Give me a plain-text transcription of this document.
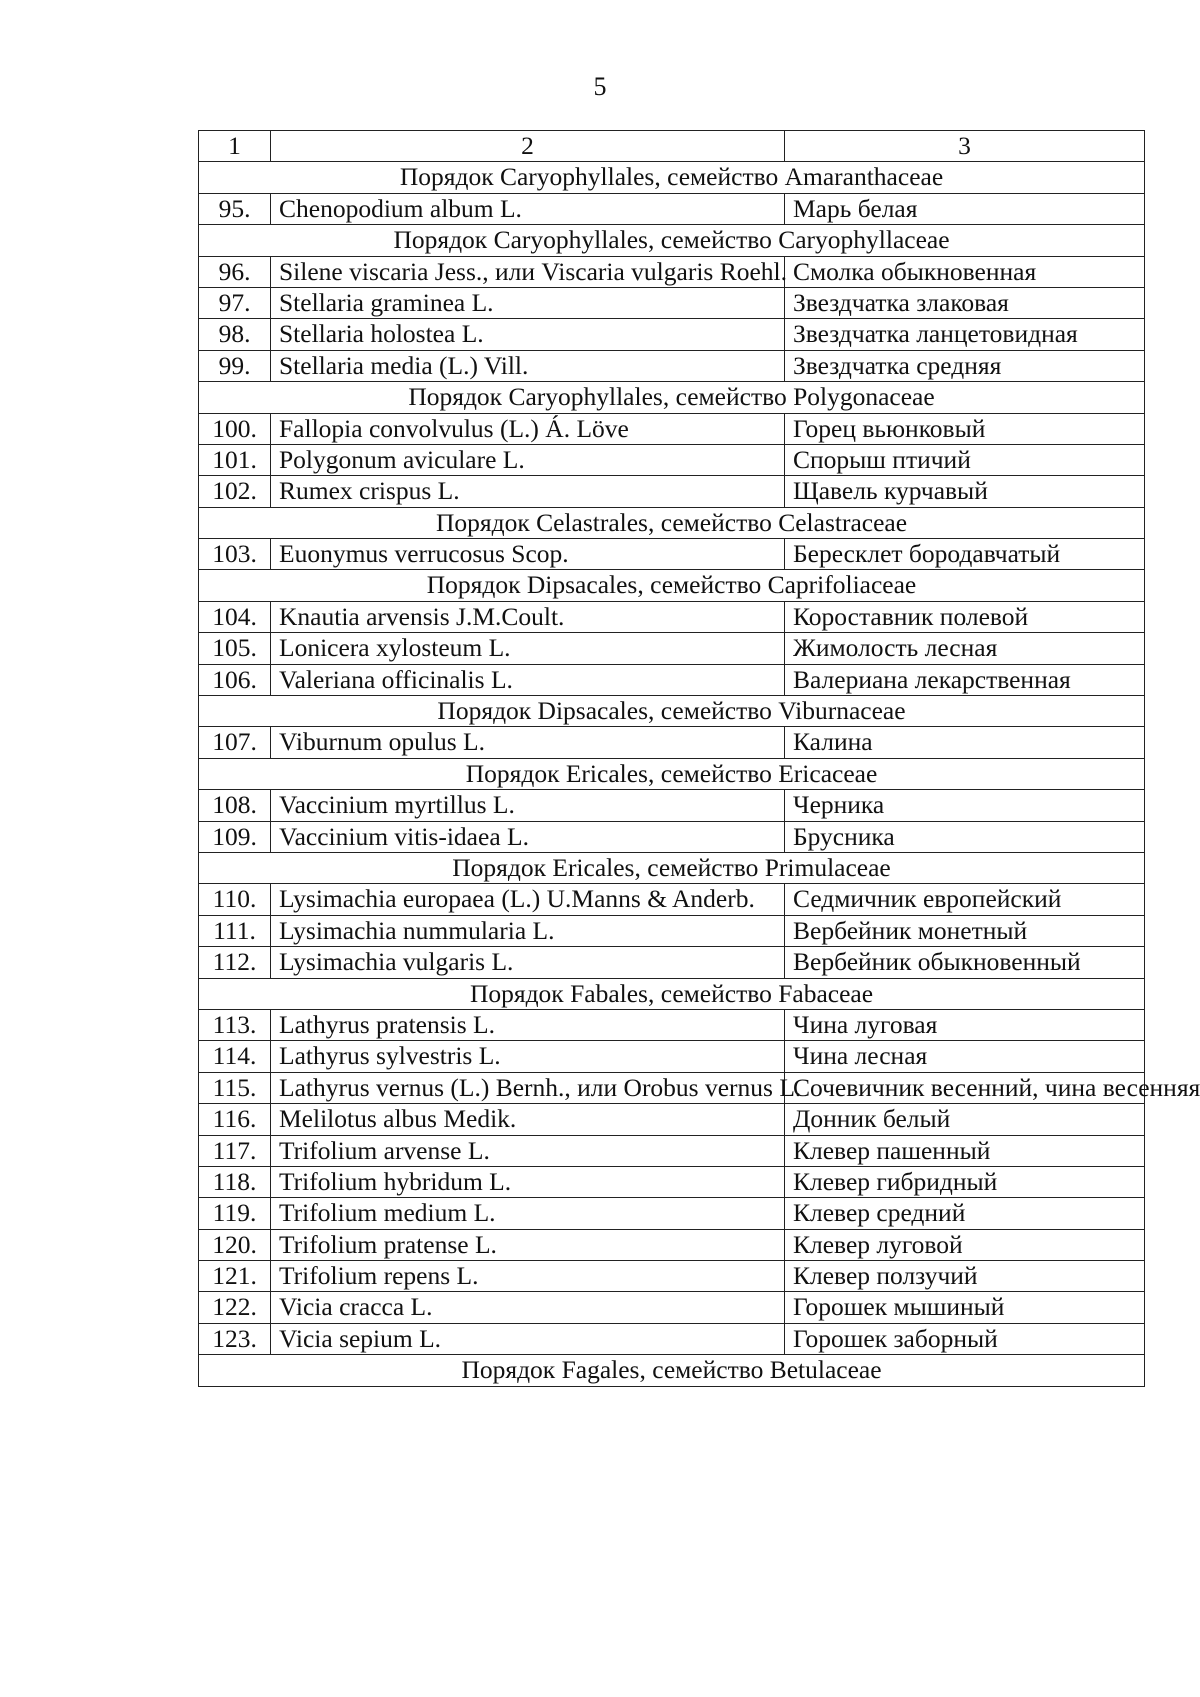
5
1	2	3
Порядок Caryophyllales, семейство Amaranthaceae		
95.	Chenopodium album L.	Марь белая
Порядок Caryophyllales, семейство Caryophyllaceae		
96.	Silene viscaria Jess., или Viscaria vulgaris Roehl.	Смолка обыкновенная
97.	Stellaria graminea L.	Звездчатка злаковая
98.	Stellaria holostea L.	Звездчатка ланцетовидная
99.	Stellaria media (L.) Vill.	Звездчатка средняя
Порядок Caryophyllales, семейство Polygonaceae		
100.	Fallopia convolvulus (L.) Á. Löve	Горец вьюнковый
101.	Polygonum aviculare L.	Спорыш птичий
102.	Rumex crispus L.	Щавель курчавый
Порядок Celastrales, семейство Celastraceae		
103.	Euonymus verrucosus Scop.	Бересклет бородавчатый
Порядок Dipsacales, семейство Caprifoliaceae		
104.	Knautia arvensis J.M.Coult.	Короставник полевой
105.	Lonicera xylosteum L.	Жимолость лесная
106.	Valeriana officinalis L.	Валериана лекарственная
Порядок Dipsacales, семейство Viburnaceae		
107.	Viburnum opulus L.	Калина
Порядок Ericales, семейство Ericaceae		
108.	Vaccinium myrtillus L.	Черника
109.	Vaccinium vitis-idaea L.	Брусника
Порядок Ericales, семейство Primulaceae		
110.	Lysimachia europaea (L.) U.Manns & Anderb.	Седмичник европейский
111.	Lysimachia nummularia L.	Вербейник монетный
112.	Lysimachia vulgaris L.	Вербейник обыкновенный
Порядок Fabales, семейство Fabaceae		
113.	Lathyrus pratensis L.	Чина луговая
114.	Lathyrus sylvestris L.	Чина лесная
115.	Lathyrus vernus (L.) Bernh., или Orobus vernus L.	Сочевичник весенний, чина весенняя
116.	Melilotus albus Medik.	Донник белый
117.	Trifolium arvense L.	Клевер пашенный
118.	Trifolium hybridum L.	Клевер гибридный
119.	Trifolium medium L.	Клевер средний
120.	Trifolium pratense L.	Клевер луговой
121.	Trifolium repens L.	Клевер ползучий
122.	Vicia cracca L.	Горошек мышиный
123.	Vicia sepium L.	Горошек заборный
Порядок Fagales, семейство Betulaceae		
